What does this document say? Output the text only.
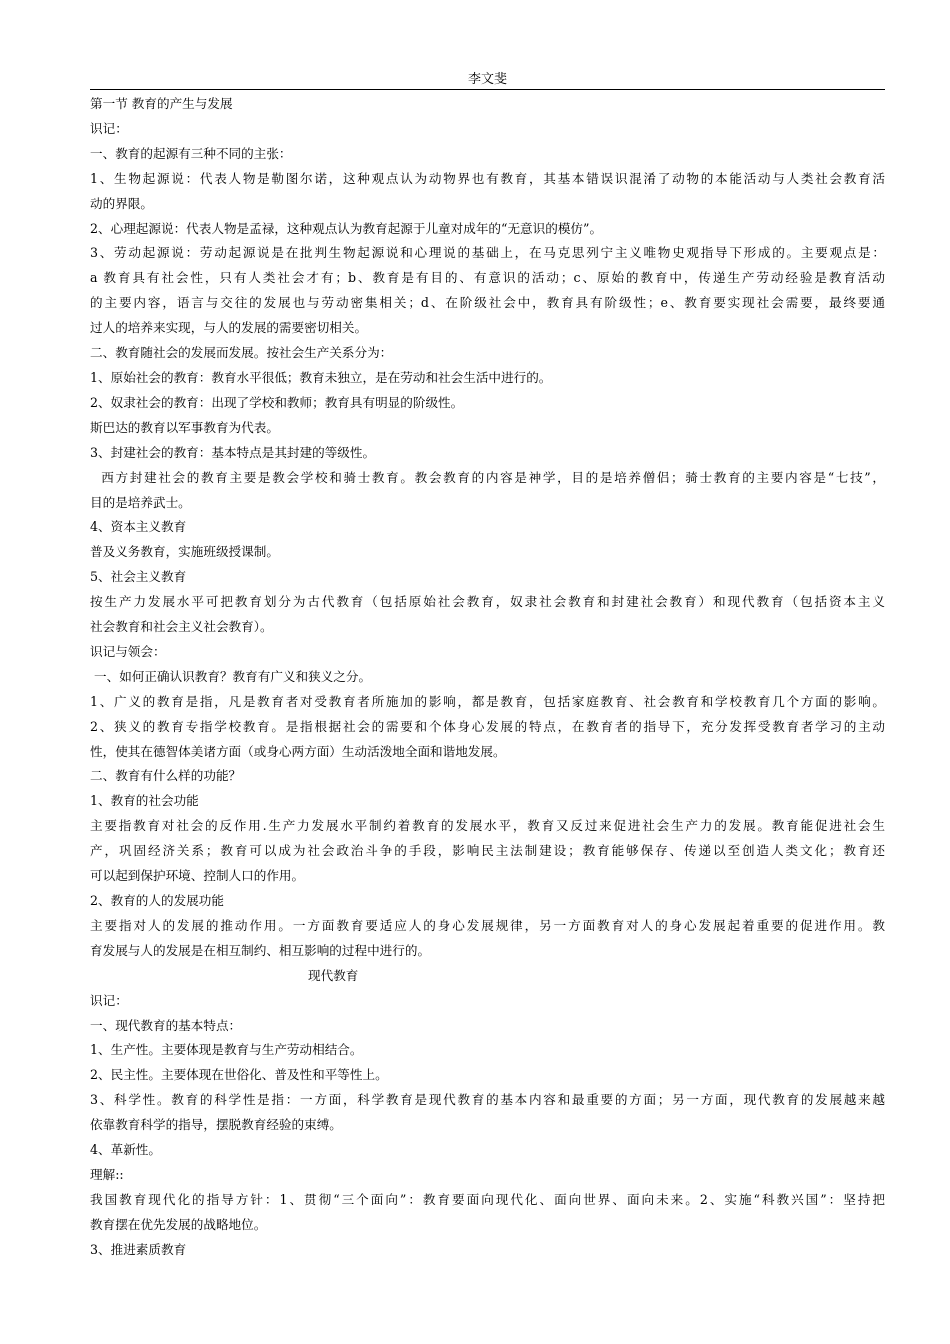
李文斐
第一节 教育的产生与发展
识记：
一、教育的起源有三种不同的主张：
1、生物起源说：代表人物是勒图尔诺，这种观点认为动物界也有教育，其基本错误识混淆了动物的本能活动与人类社会教育活
动的界限。
2、心理起源说：代表人物是孟禄，这种观点认为教育起源于儿童对成年的“无意识的模仿”。
3、劳动起源说：劳动起源说是在批判生物起源说和心理说的基础上，在马克思列宁主义唯物史观指导下形成的。主要观点是：
a 教育具有社会性，只有人类社会才有；b、教育是有目的、有意识的活动；c、原始的教育中，传递生产劳动经验是教育活动
的主要内容，语言与交往的发展也与劳动密集相关；d、在阶级社会中，教育具有阶级性；e、教育要实现社会需要，最终要通
过人的培养来实现，与人的发展的需要密切相关。
二、教育随社会的发展而发展。按社会生产关系分为：
1、原始社会的教育：教育水平很低；教育未独立，是在劳动和社会生活中进行的。
2、奴隶社会的教育：出现了学校和教师；教育具有明显的阶级性。
斯巴达的教育以军事教育为代表。
3、封建社会的教育：基本特点是其封建的等级性。
西方封建社会的教育主要是教会学校和骑士教育。教会教育的内容是神学，目的是培养僧侣；骑士教育的主要内容是“七技”，
目的是培养武士。
4、资本主义教育
普及义务教育，实施班级授课制。
5、社会主义教育
按生产力发展水平可把教育划分为古代教育（包括原始社会教育，奴隶社会教育和封建社会教育）和现代教育（包括资本主义
社会教育和社会主义社会教育）。
识记与领会：
一、如何正确认识教育？教育有广义和狭义之分。
1、广义的教育是指，凡是教育者对受教育者所施加的影响，都是教育，包括家庭教育、社会教育和学校教育几个方面的影响。
2、狭义的教育专指学校教育。是指根据社会的需要和个体身心发展的特点，在教育者的指导下，充分发挥受教育者学习的主动
性，使其在德智体美诸方面（或身心两方面）生动活泼地全面和谐地发展。
二、教育有什么样的功能？
1、教育的社会功能
主要指教育对社会的反作用.生产力发展水平制约着教育的发展水平，教育又反过来促进社会生产力的发展。教育能促进社会生
产，巩固经济关系；教育可以成为社会政治斗争的手段，影响民主法制建设；教育能够保存、传递以至创造人类文化；教育还
可以起到保护环境、控制人口的作用。
2、教育的人的发展功能
主要指对人的发展的推动作用。一方面教育要适应人的身心发展规律，另一方面教育对人的身心发展起着重要的促进作用。教
育发展与人的发展是在相互制约、相互影响的过程中进行的。
现代教育
识记：
一、现代教育的基本特点：
1、生产性。主要体现是教育与生产劳动相结合。
2、民主性。主要体现在世俗化、普及性和平等性上。
3、科学性。教育的科学性是指：一方面，科学教育是现代教育的基本内容和最重要的方面；另一方面，现代教育的发展越来越
依靠教育科学的指导，摆脱教育经验的束缚。
4、革新性。
理解::
我国教育现代化的指导方针：1、贯彻“三个面向”：教育要面向现代化、面向世界、面向未来。2、实施“科教兴国”：坚持把
教育摆在优先发展的战略地位。
3、推进素质教育
